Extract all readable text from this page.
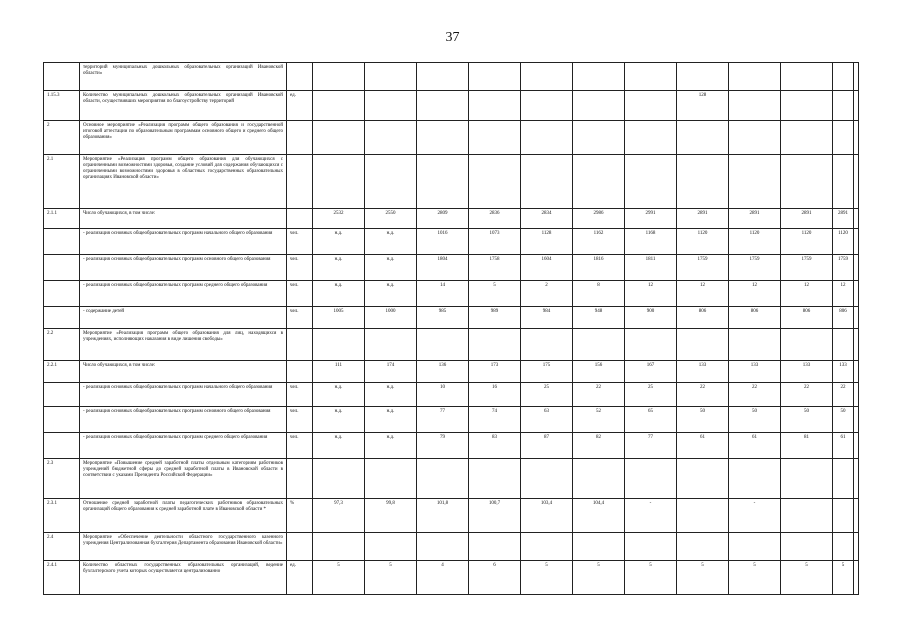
37
	территорий муниципальных дошкольных образовательных организаций Ивановской области»													
1.15.3	Количество муниципальных дошкольных образовательных организаций Ивановской области, осуществивших мероприятия по благоустройству территорий	ед.								128				
2	Основное мероприятие «Реализация программ общего образования и государственной итоговой аттестации по образовательным программам основного общего и среднего общего образования»													
2.1	Мероприятие «Реализация программ общего образования для обучающихся с ограниченными возможностями здоровья, создание условий для содержания обучающихся с ограниченными возможностями здоровья в областных государственных образовательных организациях Ивановской области»													
2.1.1	Число обучающихся, в том числе:		2532	2550	2809	2836	2834	2986	2991	2891	2891	2891	2891	
	- реализация основных общеобразовательных программ начального общего образования	чел.	н.д.	н.д.	1016	1073	1128	1162	1168	1120	1120	1120	1120	
	- реализация основных общеобразовательных программ основного общего образования	чел.	н.д.	н.д.	1804	1758	1604	1816	1811	1759	1759	1759	1759	
	- реализация основных общеобразовательных программ среднего общего образования	чел.	н.д.	н.д.	14	5	2	8	12	12	12	12	12	
	- содержание детей	чел.	1005	1000	985	989	984	948	900	806	806	806	806	
2.2	Мероприятие «Реализация программ общего образования для лиц, находящихся в учреждениях, исполняющих наказания в виде лишения свободы»													
2.2.1	Число обучающихся, в том числе:		111	174	136	173	175	156	167	133	133	133	133	
	- реализация основных общеобразовательных программ начального общего образования	чел.	н.д.	н.д.	10	16	25	22	25	22	22	22	22	
	- реализация основных общеобразовательных программ основного общего образования	чел.	н.д.	н.д.	77	74	63	52	65	50	50	50	50	
	- реализация основных общеобразовательных программ среднего общего образования	чел.	н.д.	н.д.	79	83	87	82	77	61	61	81	61	
2.3	Мероприятие «Повышение средней заработной платы отдельным категориям работников учреждений бюджетной сферы до средней заработной платы в Ивановской области в соответствии с указами Президента Российской Федерации»													
2.3.1	Отношение средней заработной платы педагогических работников образовательных организаций общего образования к средней заработной плате в Ивановской области *	%	97,3	99,8	101,8	100,7	103,4	104,4	-		-			
2.4	Мероприятие «Обеспечение деятельности областного государственного казенного учреждения Централизованная бухгалтерия Департамента образования Ивановской области»													
2.4.1	Количество областных государственных образовательных организаций, ведение бухгалтерского учета которых осуществляется централизованно	ед.	5	5	4	6	5	5	5	5	5	5	5	
